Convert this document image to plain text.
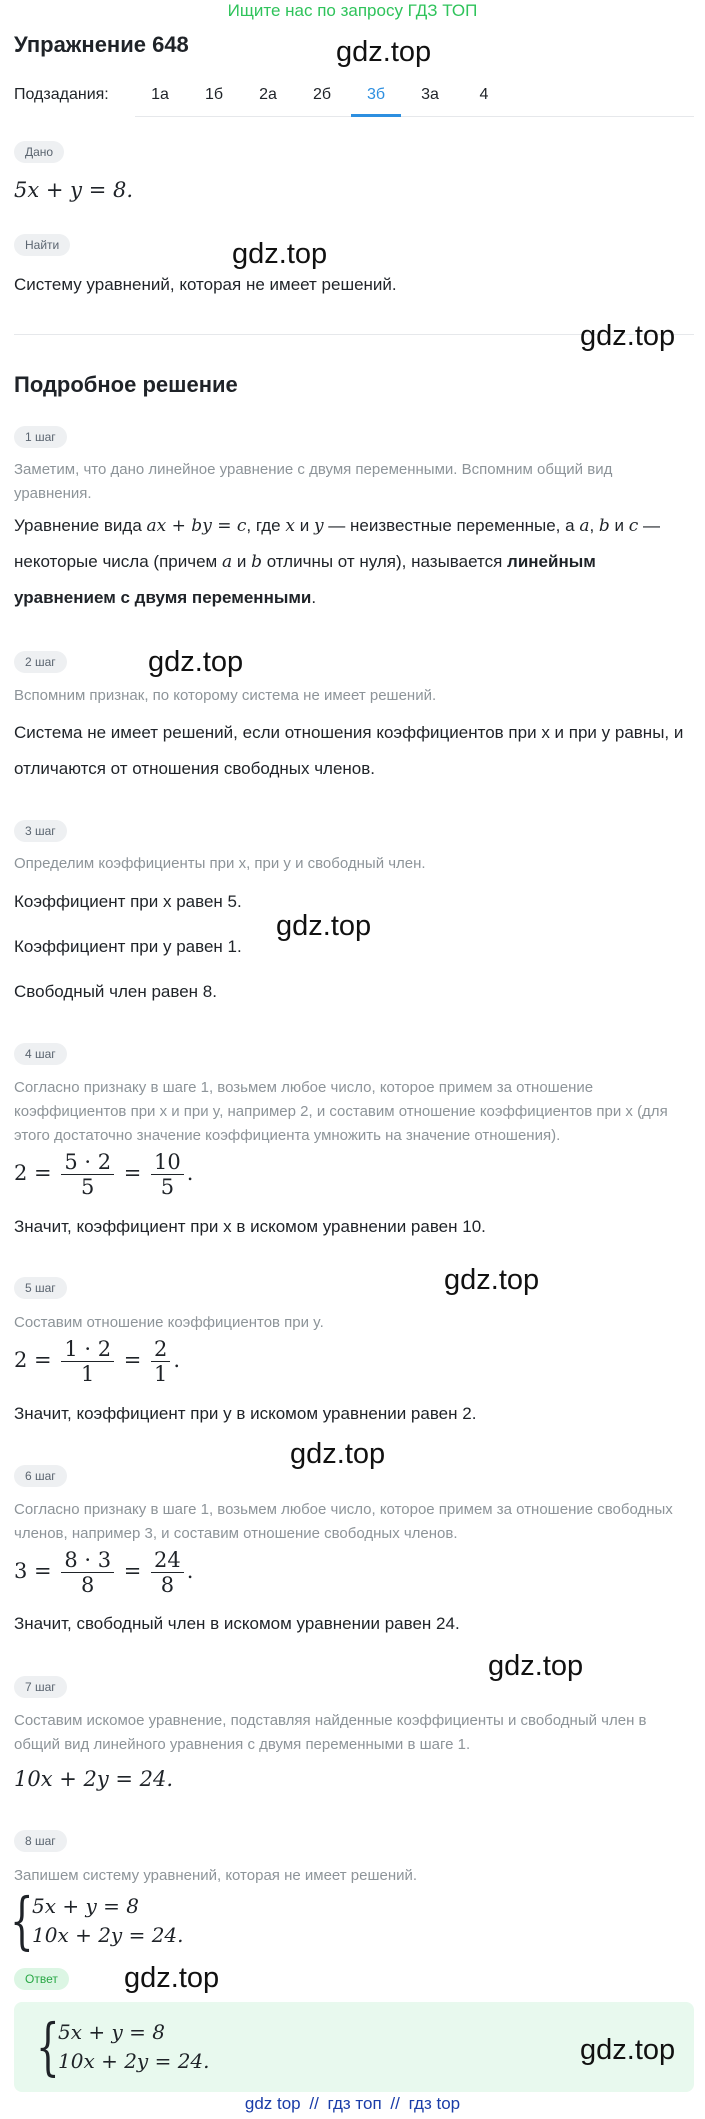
Ищите нас по запросу ГДЗ ТОП
Упражнение 648
Подзадания:	1а	1б	2а	2б	3б	3а	4
Дано
5x + y = 8.
Найти
Систему уравнений, которая не имеет решений.
Подробное решение
1 шаг
Заметим, что дано линейное уравнение с двумя переменными. Вспомним общий вид уравнения.
Уравнение вида ax + by = c, где x и y — неизвестные переменные, а a, b и c — некоторые числа (причем a и b отличны от нуля), называется линейным уравнением с двумя переменными.
2 шаг
Вспомним признак, по которому система не имеет решений.
Система не имеет решений, если отношения коэффициентов при x и при y равны, и отличаются от отношения свободных членов.
3 шаг
Определим коэффициенты при x, при y и свободный член.
Коэффициент при x равен 5.
Коэффициент при y равен 1.
Свободный член равен 8.
4 шаг
Согласно признаку в шаге 1, возьмем любое число, которое примем за отношение коэффициентов при x и при y, например 2, и составим отношение коэффициентов при x (для этого достаточно значение коэффициента умножить на значение отношения).
$2 = \frac{5 \cdot 2}{5} = \frac{10}{5}$ .
Значит, коэффициент при x в искомом уравнении равен 10.
5 шаг
Составим отношение коэффициентов при y.
$2 = \frac{1 \cdot 2}{1} = \frac{2}{1}$ .
Значит, коэффициент при y в искомом уравнении равен 2.
6 шаг
Согласно признаку в шаге 1, возьмем любое число, которое примем за отношение свободных членов, например 3, и составим отношение свободных членов.
$3 = \frac{8 \cdot 3}{8} = \frac{24}{8}$ .
Значит, свободный член в искомом уравнении равен 24.
7 шаг
Составим искомое уравнение, подставляя найденные коэффициенты и свободный член в общий вид линейного уравнения с двумя переменными в шаге 1.
10x + 2y = 24.
8 шаг
Запишем систему уравнений, которая не имеет решений.
{
5x + y = 8
10x + 2y = 24.
Ответ
{
5x + y = 8
10x + 2y = 24.
gdz.top
gdz.top
gdz.top
gdz.top
gdz.top
gdz.top
gdz.top
gdz.top
gdz.top
gdz.top
gdz top // гдз топ // гдз top
